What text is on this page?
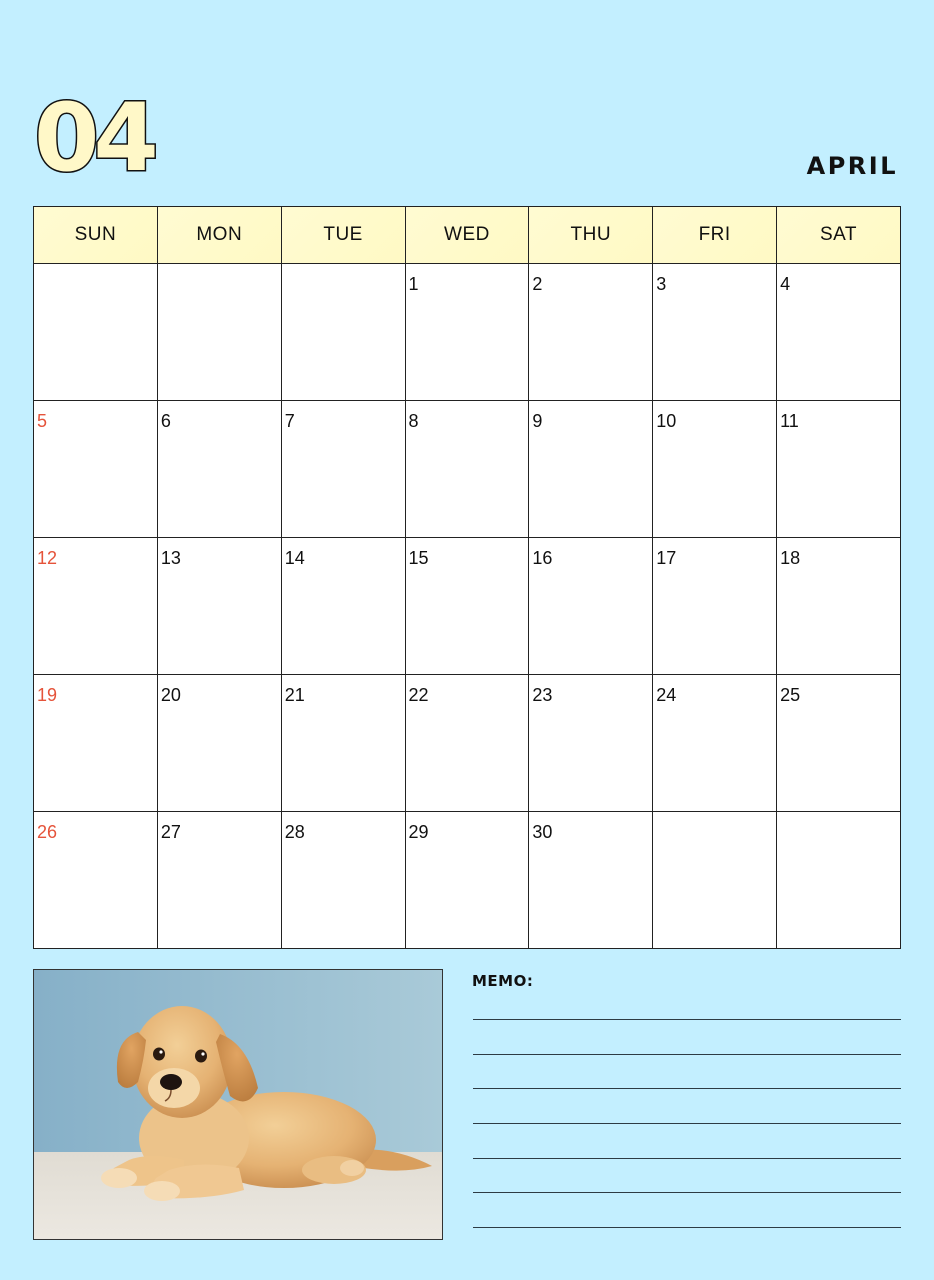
04	APRIL
SUN	MON	TUE	WED	THU	FRI	SAT

			1	2	3	4

5	6	7	8	9	10	11

12	13	14	15	16	17	18

19	20	21	22	23	24	25

26	27	28	29	30		

MEMO:
